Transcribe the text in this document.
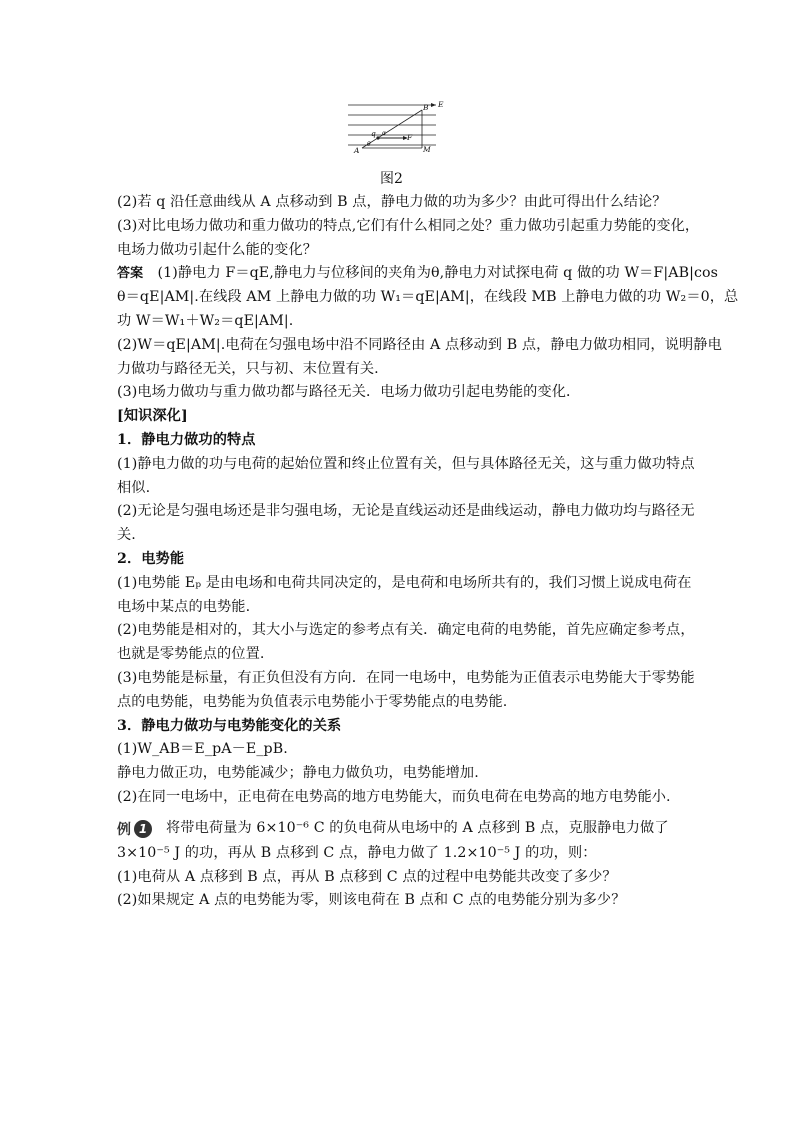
E
B
q α	F
θ
A	M
图2
(2)若 q 沿任意曲线从 A 点移动到 B 点，静电力做的功为多少？由此可得出什么结论？
(3)对比电场力做功和重力做功的特点,它们有什么相同之处？重力做功引起重力势能的变化，
电场力做功引起什么能的变化？
答案　 (1)静电力 F＝qE,静电力与位移间的夹角为θ,静电力对试探电荷 q 做的功 W＝F|AB|cos
θ＝qE|AM|.在线段 AM 上静电力做的功 W₁＝qE|AM|，在线段 MB 上静电力做的功 W₂＝0，总
功 W＝W₁＋W₂＝qE|AM|.
(2)W＝qE|AM|.电荷在匀强电场中沿不同路径由 A 点移动到 B 点，静电力做功相同，说明静电
力做功与路径无关，只与初、末位置有关.
(3)电场力做功与重力做功都与路径无关．电场力做功引起电势能的变化．
[知识深化]
1．静电力做功的特点
(1)静电力做的功与电荷的起始位置和终止位置有关，但与具体路径无关，这与重力做功特点
相似.
(2)无论是匀强电场还是非匀强电场，无论是直线运动还是曲线运动，静电力做功均与路径无
关.
2．电势能
(1)电势能 Eₚ 是由电场和电荷共同决定的，是电荷和电场所共有的，我们习惯上说成电荷在
电场中某点的电势能.
(2)电势能是相对的，其大小与选定的参考点有关．确定电荷的电势能，首先应确定参考点，
也就是零势能点的位置.
(3)电势能是标量，有正负但没有方向．在同一电场中，电势能为正值表示电势能大于零势能
点的电势能，电势能为负值表示电势能小于零势能点的电势能.
3．静电力做功与电势能变化的关系
(1)W_AB＝E_pA－E_pB.
静电力做正功，电势能减少；静电力做负功，电势能增加.
(2)在同一电场中，正电荷在电势高的地方电势能大，而负电荷在电势高的地方电势能小.
例 1	将带电荷量为 6×10⁻⁶ C 的负电荷从电场中的 A 点移到 B 点，克服静电力做了
3×10⁻⁵ J 的功，再从 B 点移到 C 点，静电力做了 1.2×10⁻⁵ J 的功，则：
(1)电荷从 A 点移到 B 点，再从 B 点移到 C 点的过程中电势能共改变了多少？
(2)如果规定 A 点的电势能为零，则该电荷在 B 点和 C 点的电势能分别为多少？
